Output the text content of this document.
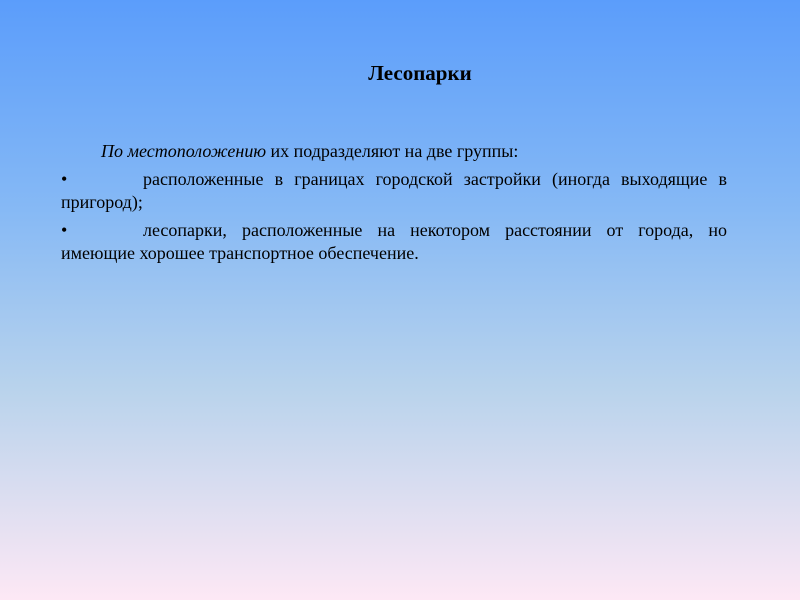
Лесопарки

По местоположению их подразделяют на две группы:

•	расположенные в границах городской застройки (иногда выходящие в пригород);

•	лесопарки, расположенные на некотором расстоянии от города, но имеющие хорошее транспортное обеспечение.
